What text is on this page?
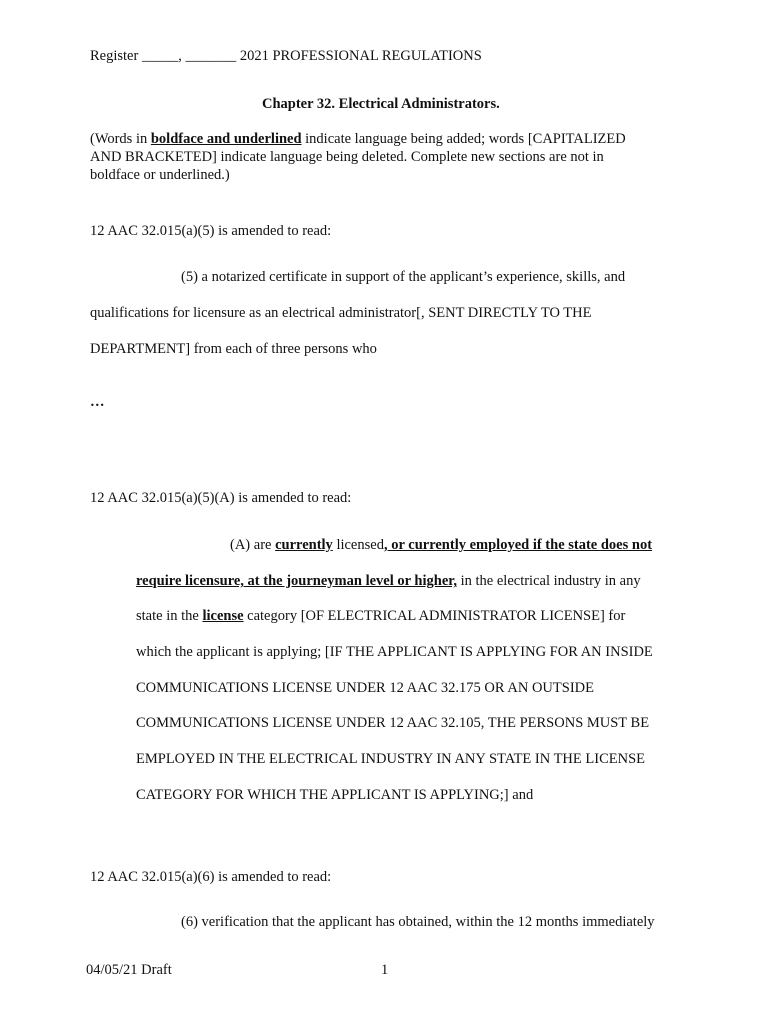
Register _____, _______ 2021 PROFESSIONAL REGULATIONS
Chapter 32. Electrical Administrators.
(Words in boldface and underlined indicate language being added; words [CAPITALIZED
AND BRACKETED] indicate language being deleted. Complete new sections are not in
boldface or underlined.)
12 AAC 32.015(a)(5) is amended to read:
(5) a notarized certificate in support of the applicant’s experience, skills, and
qualifications for licensure as an electrical administrator[, SENT DIRECTLY TO THE
DEPARTMENT] from each of three persons who
…
12 AAC 32.015(a)(5)(A) is amended to read:
(A) are currently licensed, or currently employed if the state does not
require licensure, at the journeyman level or higher, in the electrical industry in any
state in the license category [OF ELECTRICAL ADMINISTRATOR LICENSE] for
which the applicant is applying; [IF THE APPLICANT IS APPLYING FOR AN INSIDE
COMMUNICATIONS LICENSE UNDER 12 AAC 32.175 OR AN OUTSIDE
COMMUNICATIONS LICENSE UNDER 12 AAC 32.105, THE PERSONS MUST BE
EMPLOYED IN THE ELECTRICAL INDUSTRY IN ANY STATE IN THE LICENSE
CATEGORY FOR WHICH THE APPLICANT IS APPLYING;] and
12 AAC 32.015(a)(6) is amended to read:
(6) verification that the applicant has obtained, within the 12 months immediately
04/05/21 Draft	1
